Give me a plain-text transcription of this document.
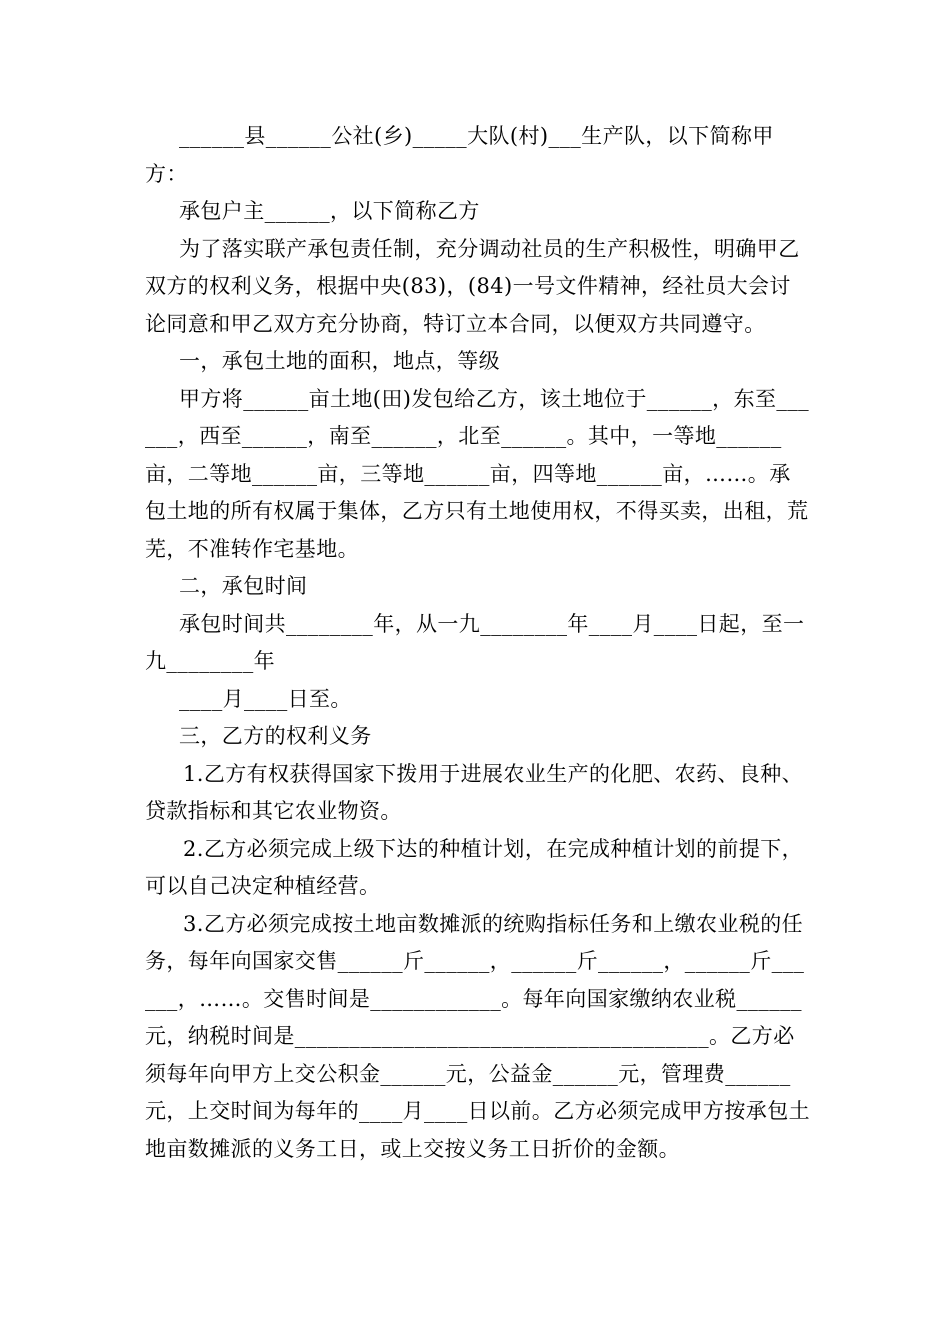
______县______公社(乡)_____大队(村)___生产队，以下简称甲方：

承包户主______，以下简称乙方

为了落实联产承包责任制，充分调动社员的生产积极性，明确甲乙双方的权利义务，根据中央(83)，(84)一号文件精神，经社员大会讨论同意和甲乙双方充分协商，特订立本合同，以便双方共同遵守。

一，承包土地的面积，地点，等级

甲方将______亩土地(田)发包给乙方，该土地位于______，东至______，西至______，南至______，北至______。其中，一等地______亩，二等地______亩，三等地______亩，四等地______亩，……。承包土地的所有权属于集体，乙方只有土地使用权，不得买卖，出租，荒芜，不准转作宅基地。

二，承包时间

承包时间共________年，从一九________年____月____日起，至一九________年

____月____日至。

三，乙方的权利义务

1.乙方有权获得国家下拨用于进展农业生产的化肥、农药、良种、贷款指标和其它农业物资。

2.乙方必须完成上级下达的种植计划，在完成种植计划的前提下，可以自己决定种植经营。

3.乙方必须完成按土地亩数摊派的统购指标任务和上缴农业税的任务，每年向国家交售______斤______，______斤______，______斤______，……。交售时间是____________。每年向国家缴纳农业税______元，纳税时间是______________________________________。乙方必须每年向甲方上交公积金______元，公益金______元，管理费______元，上交时间为每年的____月____日以前。乙方必须完成甲方按承包土地亩数摊派的义务工日，或上交按义务工日折价的金额。
